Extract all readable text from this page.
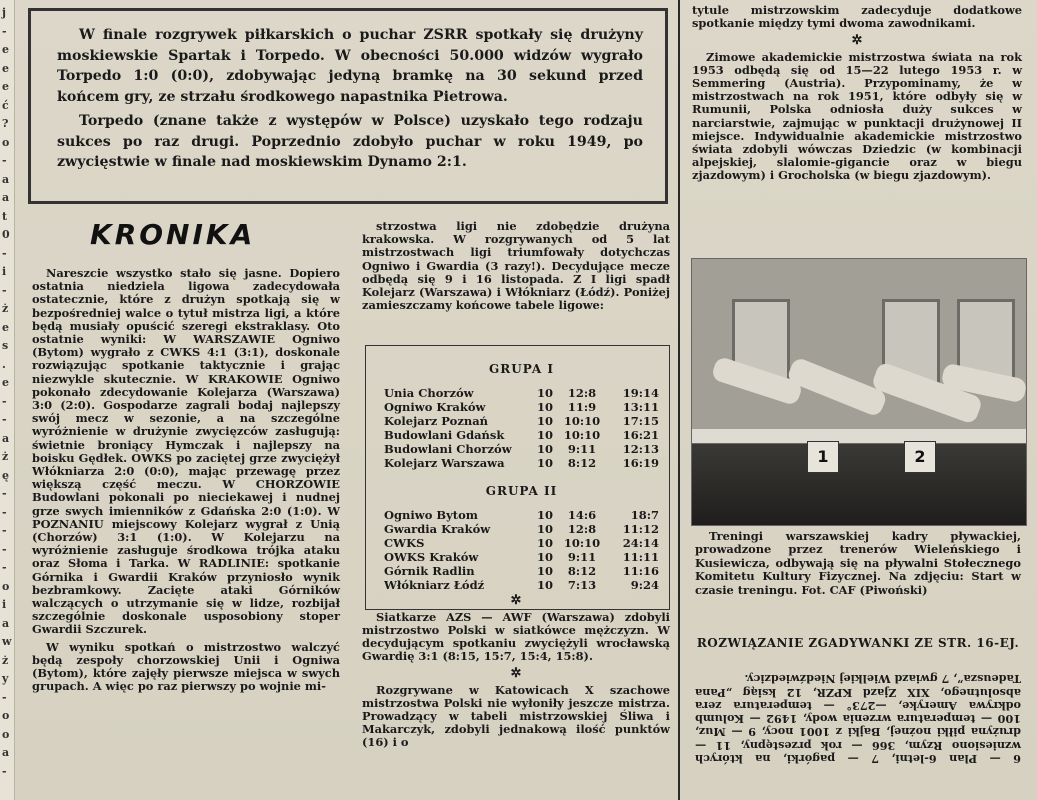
j
-
e
e
e
ć
?
o
-
a
a
t
0
-
i
-
ż
e
s
.
e
-
-
a
ż
ę
-
-
-
-
-
o
i
a
w
ż
y
-
o
o
a
-

W finale rozgrywek piłkarskich o puchar ZSRR spotkały się drużyny moskiewskie Spartak i Torpedo. W obecności 50.000 widzów wygrało Torpedo 1:0 (0:0), zdobywając jedyną bramkę na 30 sekund przed końcem gry, ze strzału środkowego napastnika Pietrowa.

Torpedo (znane także z występów w Polsce) uzyskało tego rodzaju sukces po raz drugi. Poprzednio zdobyło puchar w roku 1949, po zwycięstwie w finale nad moskiewskim Dynamo 2:1.

KRONIKA

Nareszcie wszystko stało się jasne. Dopiero ostatnia niedziela ligowa zadecydowała ostatecznie, które z drużyn spotkają się w bezpośredniej walce o tytuł mistrza ligi, a które będą musiały opuścić szeregi ekstraklasy. Oto ostatnie wyniki: W WARSZAWIE Ogniwo (Bytom) wygrało z CWKS 4:1 (3:1), doskonale rozwiązując spotkanie taktycznie i grając niezwykle skutecznie. W KRAKOWIE Ogniwo pokonało zdecydowanie Kolejarza (Warszawa) 3:0 (2:0). Gospodarze zagrali bodaj najlepszy swój mecz w sezonie, a na szczególne wyróżnienie w drużynie zwycięzców zasługują: świetnie broniący Hymczak i najlepszy na boisku Gędłek. OWKS po zaciętej grze zwyciężył Włókniarza 2:0 (0:0), mając przewagę przez większą część meczu. W CHORZOWIE Budowlani pokonali po nieciekawej i nudnej grze swych imienników z Gdańska 2:0 (1:0). W POZNANIU miejscowy Kolejarz wygrał z Unią (Chorzów) 3:1 (1:0). W Kolejarzu na wyróżnienie zasługuje środkowa trójka ataku oraz Słoma i Tarka. W RADLINIE: spotkanie Górnika i Gwardii Kraków przyniosło wynik bezbramkowy. Zacięte ataki Górników walczących o utrzymanie się w lidze, rozbijał szczególnie doskonale usposobiony stoper Gwardii Szczurek.

W wyniku spotkań o mistrzostwo walczyć będą zespoły chorzowskiej Unii i Ogniwa (Bytom), które zajęły pierwsze miejsca w swych grupach. A więc po raz pierwszy po wojnie mi-

strzostwa ligi nie zdobędzie drużyna krakowska. W rozgrywanych od 5 lat mistrzostwach ligi triumfowały dotychczas Ogniwo i Gwardia (3 razy!). Decydujące mecze odbędą się 9 i 16 listopada. Z I ligi spadł Kolejarz (Warszawa) i Włókniarz (Łódź). Poniżej zamieszczamy końcowe tabele ligowe:

✲

Siatkarze AZS — AWF (Warszawa) zdobyli mistrzostwo Polski w siatkówce mężczyzn. W decydującym spotkaniu zwyciężyli wrocławską Gwardię 3:1 (8:15, 15:7, 15:4, 15:8).

✲

Rozgrywane w Katowicach X szachowe mistrzostwa Polski nie wyłoniły jeszcze mistrza. Prowadzący w tabeli mistrzowskiej Śliwa i Makarczyk, zdobyli jednakową ilość punktów (16) i o

GRUPA I
Unia Chorzów	10	12:8	19:14
Ogniwo Kraków	10	11:9	13:11
Kolejarz Poznań	10	10:10	17:15
Budowlani Gdańsk	10	10:10	16:21
Budowlani Chorzów	10	9:11	12:13
Kolejarz Warszawa	10	8:12	16:19
GRUPA II
Ogniwo Bytom	10	14:6	18:7
Gwardia Kraków	10	12:8	11:12
CWKS	10	10:10	24:14
OWKS Kraków	10	9:11	11:11
Górnik Radlin	10	8:12	11:16
Włókniarz Łódź	10	7:13	9:24

tytule mistrzowskim zadecyduje dodatkowe spotkanie między tymi dwoma zawodnikami.

✲

Zimowe akademickie mistrzostwa świata na rok 1953 odbędą się od 15—22 lutego 1953 r. w Semmering (Austria). Przypominamy, że w mistrzostwach na rok 1951, które odbyły się w Rumunii, Polska odniosła duży sukces w narciarstwie, zajmując w punktacji drużynowej II miejsce. Indywidualnie akademickie mistrzostwo świata zdobyli wówczas Dziedzic (w kombinacji alpejskiej, slalomie-gigancie oraz w biegu zjazdowym) i Grocholska (w biegu zjazdowym).

1	2

Treningi warszawskiej kadry pływackiej, prowadzone przez trenerów Wieleńskiego i Kusiewicza, odbywają się na pływalni Stołecznego Komitetu Kultury Fizycznej. Na zdjęciu: Start w czasie treningu. Fot. CAF (Piwoński)

ROZWIĄZANIE ZGADYWANKI ZE STR. 16-EJ.

6 — Plan 6-letni, 7 — pagórki, na których wzniesiono Rzym, 366 — rok przestępny, 11 — drużyna piłki nożnej, Bajki z 1001 nocy, 9 — Muz, 100 — temperatura wrzenia wody, 1492 — Kolumb odkrywa Ameryke, —273° — temperatura zera absolutnego, XIX Zjazd KPZR, 12 ksiąg „Pana Tadeusza”, 7 gwiazd Wielkiej Niedźwiedzicy.
